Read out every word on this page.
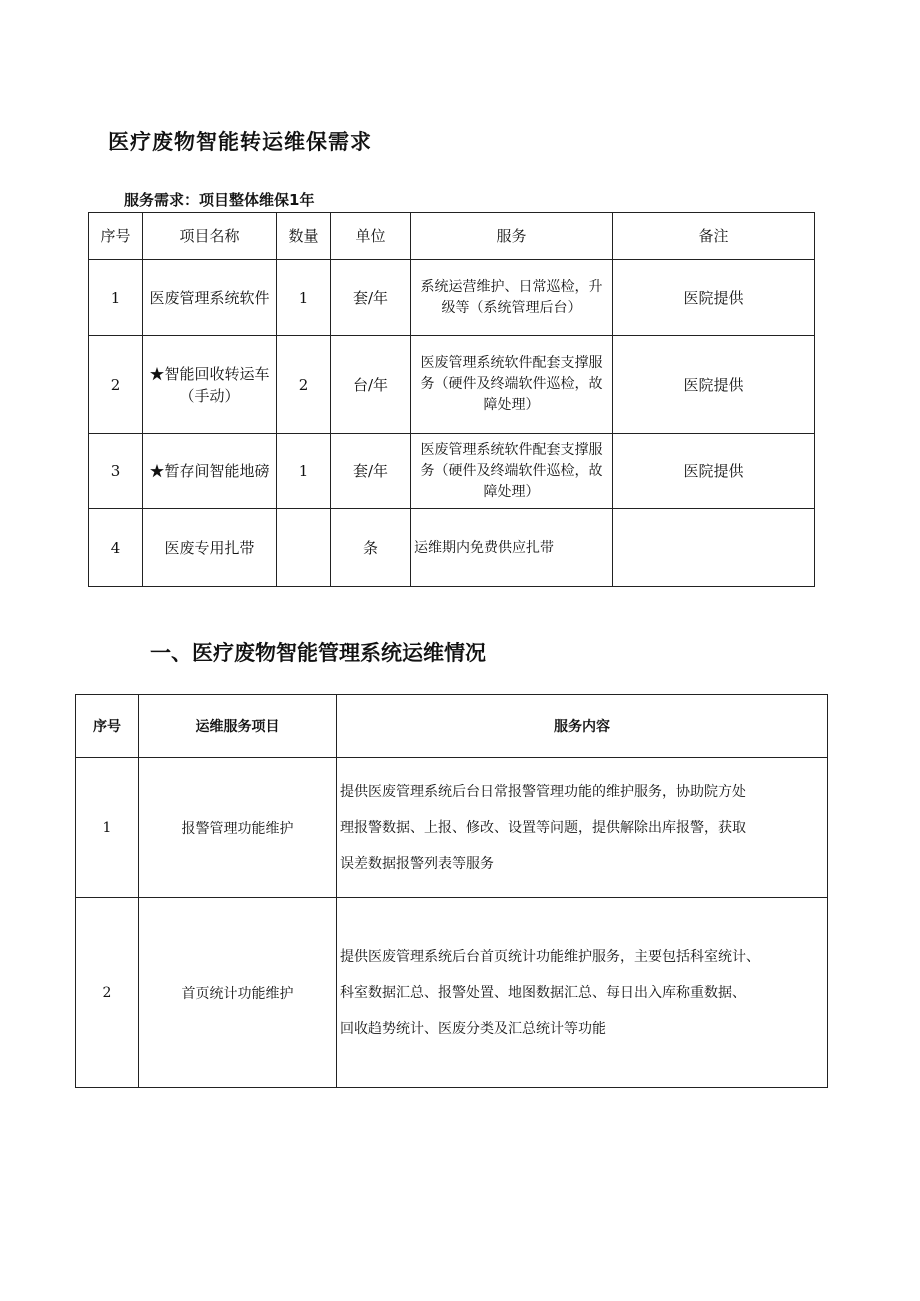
医疗废物智能转运维保需求
服务需求：项目整体维保1年
序号	项目名称	数量	单位	服务	备注
1	医废管理系统软件	1	套/年	系统运营维护、日常巡检，升级等（系统管理后台）	医院提供
2	★智能回收转运车（手动）	2	台/年	医废管理系统软件配套支撑服务（硬件及终端软件巡检，故障处理）	医院提供
3	★暂存间智能地磅	1	套/年	医废管理系统软件配套支撑服务（硬件及终端软件巡检，故障处理）	医院提供
4	医废专用扎带		条	运维期内免费供应扎带	
一、医疗废物智能管理系统运维情况
序号	运维服务项目	服务内容
1	报警管理功能维护	提供医废管理系统后台日常报警管理功能的维护服务，协助院方处
理报警数据、上报、修改、设置等问题，提供解除出库报警，获取
误差数据报警列表等服务

2	首页统计功能维护	提供医废管理系统后台首页统计功能维护服务，主要包括科室统计、
科室数据汇总、报警处置、地图数据汇总、每日出入库称重数据、
回收趋势统计、医废分类及汇总统计等功能
